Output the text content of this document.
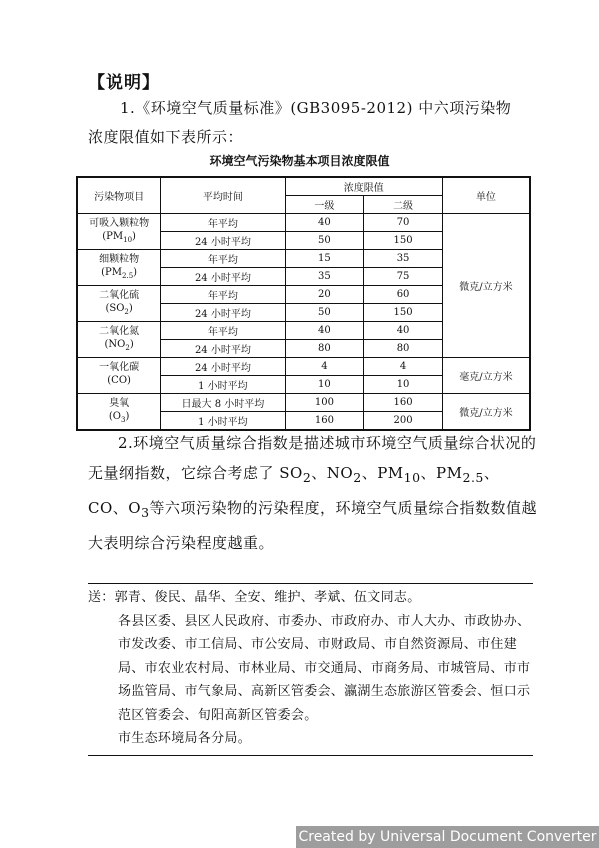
【说明】
1.《环境空气质量标准》(GB3095-2012) 中六项污染物
浓度限值如下表所示：
环境空气污染物基本项目浓度限值
污染物项目	平均时间	浓度限值		单位
		一级	二级	
可吸入颗粒物
$(PM_{10})$	年平均	40	70	微克/立方米
	24 小时平均	50	150	
细颗粒物
$(PM_{2.5})$	年平均	15	35	
	24 小时平均	35	75	
二氧化硫
$(SO_2)$	年平均	20	60	
	24 小时平均	50	150	
二氧化氮
$(NO_2)$	年平均	40	40	
	24 小时平均	80	80	
一氧化碳
(CO)	24 小时平均	4	4	毫克/立方米
	1 小时平均	10	10	
臭氧
$(O_3)$	日最大 8 小时平均	100	160	微克/立方米
	1 小时平均	160	200	
2.环境空气质量综合指数是描述城市环境空气质量综合状况的无量纲指数，它综合考虑了 $SO_2$、$NO_2$、$PM_{10}$、$PM_{2.5}$、CO、$O_3$等六项污染物的污染程度，环境空气质量综合指数数值越大表明综合污染程度越重。
送：郭青、俊民、晶华、全安、维护、孝斌、伍文同志。
各县区委、县区人民政府、市委办、市政府办、市人大办、市政协办、市发改委、市工信局、市公安局、市财政局、市自然资源局、市住建局、市农业农村局、市林业局、市交通局、市商务局、市城管局、市市场监管局、市气象局、高新区管委会、瀛湖生态旅游区管委会、恒口示范区管委会、旬阳高新区管委会。
市生态环境局各分局。
Created by Universal Document Converter
